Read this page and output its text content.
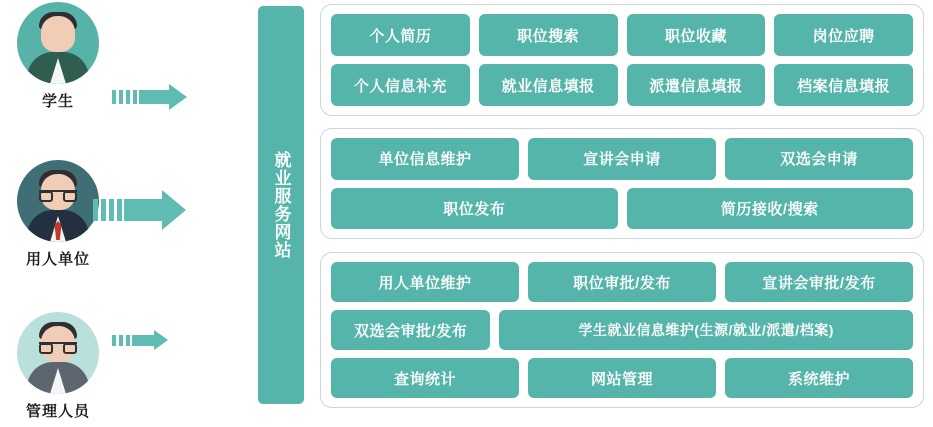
学生
用人单位
管理人员
就业服务网站
个人简历	职位搜索	职位收藏	岗位应聘
个人信息补充	就业信息填报	派遣信息填报	档案信息填报
单位信息维护	宣讲会申请	双选会申请
职位发布	简历接收/搜索
用人单位维护	职位审批/发布	宣讲会审批/发布
双选会审批/发布	学生就业信息维护(生源/就业/派遣/档案)
查询统计	网站管理	系统维护
